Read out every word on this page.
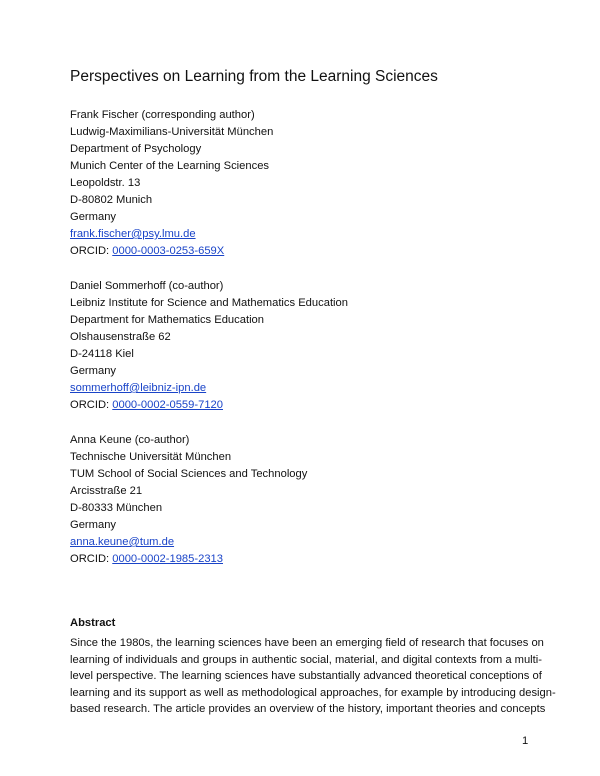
Perspectives on Learning from the Learning Sciences
Frank Fischer (corresponding author)
Ludwig-Maximilians-Universität München
Department of Psychology
Munich Center of the Learning Sciences
Leopoldstr. 13
D-80802 Munich
Germany
frank.fischer@psy.lmu.de
ORCID: 0000-0003-0253-659X
Daniel Sommerhoff (co-author)
Leibniz Institute for Science and Mathematics Education
Department for Mathematics Education
Olshausenstraße 62
D-24118 Kiel
Germany
sommerhoff@leibniz-ipn.de
ORCID: 0000-0002-0559-7120
Anna Keune (co-author)
Technische Universität München
TUM School of Social Sciences and Technology
Arcisstraße 21
D-80333 München
Germany
anna.keune@tum.de
ORCID: 0000-0002-1985-2313
Abstract
Since the 1980s, the learning sciences have been an emerging field of research that focuses on
learning of individuals and groups in authentic social, material, and digital contexts from a multi-
level perspective. The learning sciences have substantially advanced theoretical conceptions of
learning and its support as well as methodological approaches, for example by introducing design-
based research. The article provides an overview of the history, important theories and concepts
1
